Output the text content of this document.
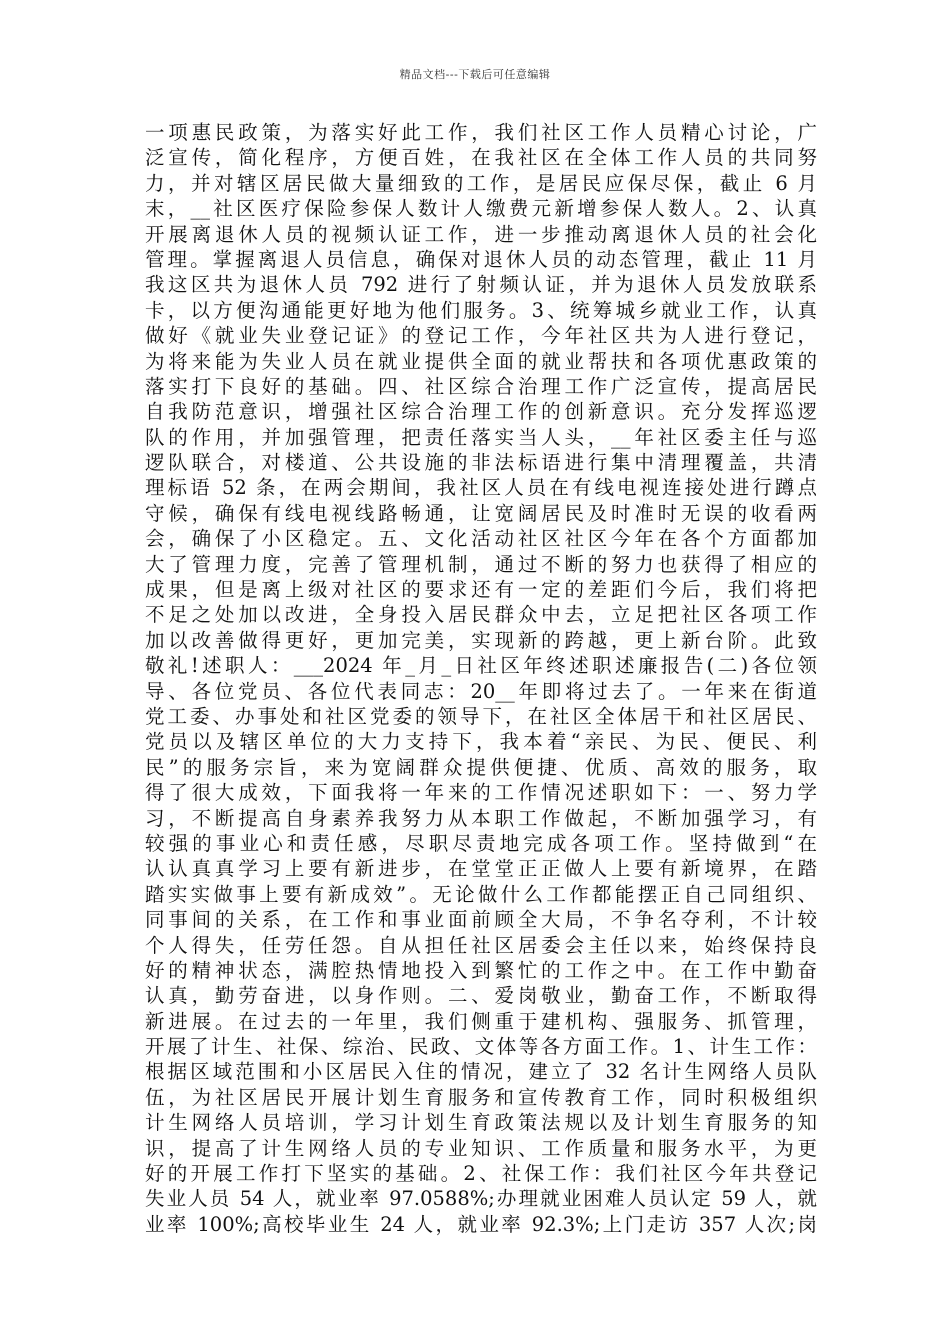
精品文档---下载后可任意编辑
一项惠民政策，为落实好此工作，我们社区工作人员精心讨论，广
泛宣传，简化程序，方便百姓，在我社区在全体工作人员的共同努
力，并对辖区居民做大量细致的工作，是居民应保尽保，截止 6 月
末，__社区医疗保险参保人数计人缴费元新增参保人数人。2、认真
开展离退休人员的视频认证工作，进一步推动离退休人员的社会化
管理。掌握离退人员信息，确保对退休人员的动态管理，截止 11 月
我这区共为退休人员 792 进行了射频认证，并为退休人员发放联系
卡，以方便沟通能更好地为他们服务。3、统筹城乡就业工作，认真
做好《就业失业登记证》的登记工作，今年社区共为人进行登记，
为将来能为失业人员在就业提供全面的就业帮扶和各项优惠政策的
落实打下良好的基础。四、社区综合治理工作广泛宣传，提高居民
自我防范意识，增强社区综合治理工作的创新意识。充分发挥巡逻
队的作用，并加强管理，把责任落实当人头，__年社区委主任与巡
逻队联合，对楼道、公共设施的非法标语进行集中清理覆盖，共清
理标语 52 条，在两会期间，我社区人员在有线电视连接处进行蹲点
守候，确保有线电视线路畅通，让宽阔居民及时准时无误的收看两
会，确保了小区稳定。五、文化活动社区社区今年在各个方面都加
大了管理力度，完善了管理机制，通过不断的努力也获得了相应的
成果，但是离上级对社区的要求还有一定的差距们今后，我们将把
不足之处加以改进，全身投入居民群众中去，立足把社区各项工作
加以改善做得更好，更加完美，实现新的跨越，更上新台阶。此致
敬礼!述职人：___2024 年_月_日社区年终述职述廉报告(二)各位领
导、各位党员、各位代表同志：20__年即将过去了。一年来在街道
党工委、办事处和社区党委的领导下，在社区全体居干和社区居民、
党员以及辖区单位的大力支持下，我本着“亲民、为民、便民、利
民”的服务宗旨，来为宽阔群众提供便捷、优质、高效的服务，取
得了很大成效，下面我将一年来的工作情况述职如下：一、努力学
习，不断提高自身素养我努力从本职工作做起，不断加强学习，有
较强的事业心和责任感，尽职尽责地完成各项工作。坚持做到“在
认认真真学习上要有新进步，在堂堂正正做人上要有新境界，在踏
踏实实做事上要有新成效”。无论做什么工作都能摆正自己同组织、
同事间的关系，在工作和事业面前顾全大局，不争名夺利，不计较
个人得失，任劳任怨。自从担任社区居委会主任以来，始终保持良
好的精神状态，满腔热情地投入到繁忙的工作之中。在工作中勤奋
认真，勤劳奋进，以身作则。二、爱岗敬业，勤奋工作，不断取得
新进展。在过去的一年里，我们侧重于建机构、强服务、抓管理，
开展了计生、社保、综治、民政、文体等各方面工作。1、计生工作：
根据区域范围和小区居民入住的情况，建立了 32 名计生网络人员队
伍，为社区居民开展计划生育服务和宣传教育工作，同时积极组织
计生网络人员培训，学习计划生育政策法规以及计划生育服务的知
识，提高了计生网络人员的专业知识、工作质量和服务水平，为更
好的开展工作打下坚实的基础。2、社保工作：我们社区今年共登记
失业人员 54 人，就业率 97.0588%;办理就业困难人员认定 59 人，就
业率 100%;高校毕业生 24 人，就业率 92.3%;上门走访 357 人次;岗
